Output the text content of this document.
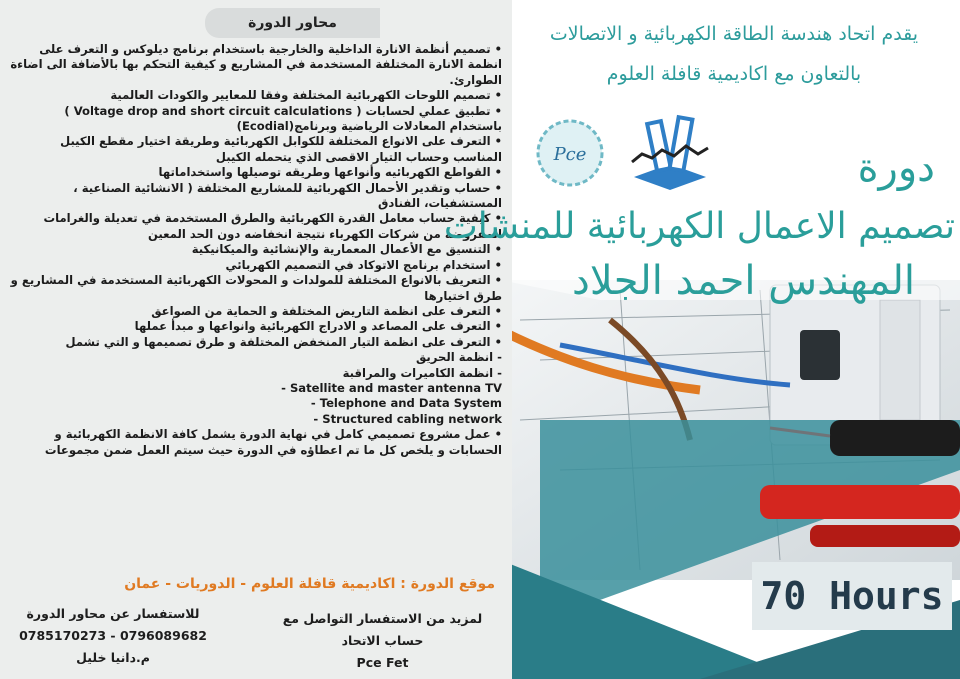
محاور الدورة
• تصميم أنظمة الانارة الداخلية والخارجية باستخدام برنامج ديلوكس و التعرف على انظمة الانارة المختلفة المستخدمة في المشاريع و كيفية التحكم بها بالأضافة الى اضاءة الطوارئ.
• تصميم اللوحات الكهربائية المختلفة وفقا للمعايير والكودات العالمية
• تطبيق عملي لحسابات ( Voltage drop and short circuit calculations ) باستخدام المعادلات الرياضية وبرنامج(Ecodial)
• التعرف على الانواع المختلفة للكوابل الكهربائية وطريقة اختيار مقطع الكيبل المناسب وحساب التيار الاقصى الذي يتحمله الكيبل
• القواطع الكهربائيه وأنواعها وطريقه توصيلها واستخداماتها
• حساب وتقدير الأحمال الكهربائية للمشاريع المختلفة ( الانشائية الصناعية ، المستشفيات، الفنادق
• كيفية حساب معامل القدرة الكهربائية والطرق المستخدمة في تعديلة والغرامات المفروضة من شركات الكهرباء نتيجة انخفاضه دون الحد المعين
• التنسيق مع الأعمال المعمارية والإنشائية والميكانيكية
• استخدام برنامج الاتوكاد في التصميم الكهربائي
• التعريف بالانواع المختلفة للمولدات و المحولات الكهربائية المستخدمة في المشاريع و طرق اختيارها
• التعرف على انظمة التاريض المختلفة و الحماية من الصواعق
• التعرف على المصاعد و الادراج الكهربائية وانواعها و مبدأ عملها
• التعرف على انظمة التيار المنخفض المختلفة و طرق تصميمها و التي تشمل
- انظمة الحريق
- انظمة الكاميرات والمراقبة
- Satellite and master antenna TV
- Telephone and Data System
- Structured cabling network
• عمل مشروع تصميمي كامل في نهاية الدورة يشمل كافة الانظمة الكهربائية و الحسابات و يلخص كل ما تم اعطاؤه في الدورة حيث سيتم العمل ضمن مجموعات
موقع الدورة : اكاديمية قافلة العلوم - الدوريات - عمان
للاستفسار عن محاور الدورة
0785170273 - 0796089682
م.دانيا خليل
لمزيد من الاستفسار التواصل مع
حساب الاتحاد
Pce Fet
يقدم اتحاد هندسة الطاقة الكهربائية و الاتصالات
بالتعاون مع اكاديمية قافلة العلوم
Pce	دورة
تصميم الاعمال الكهربائية للمنشات
المهندس احمد الجلاد
70 Hours
